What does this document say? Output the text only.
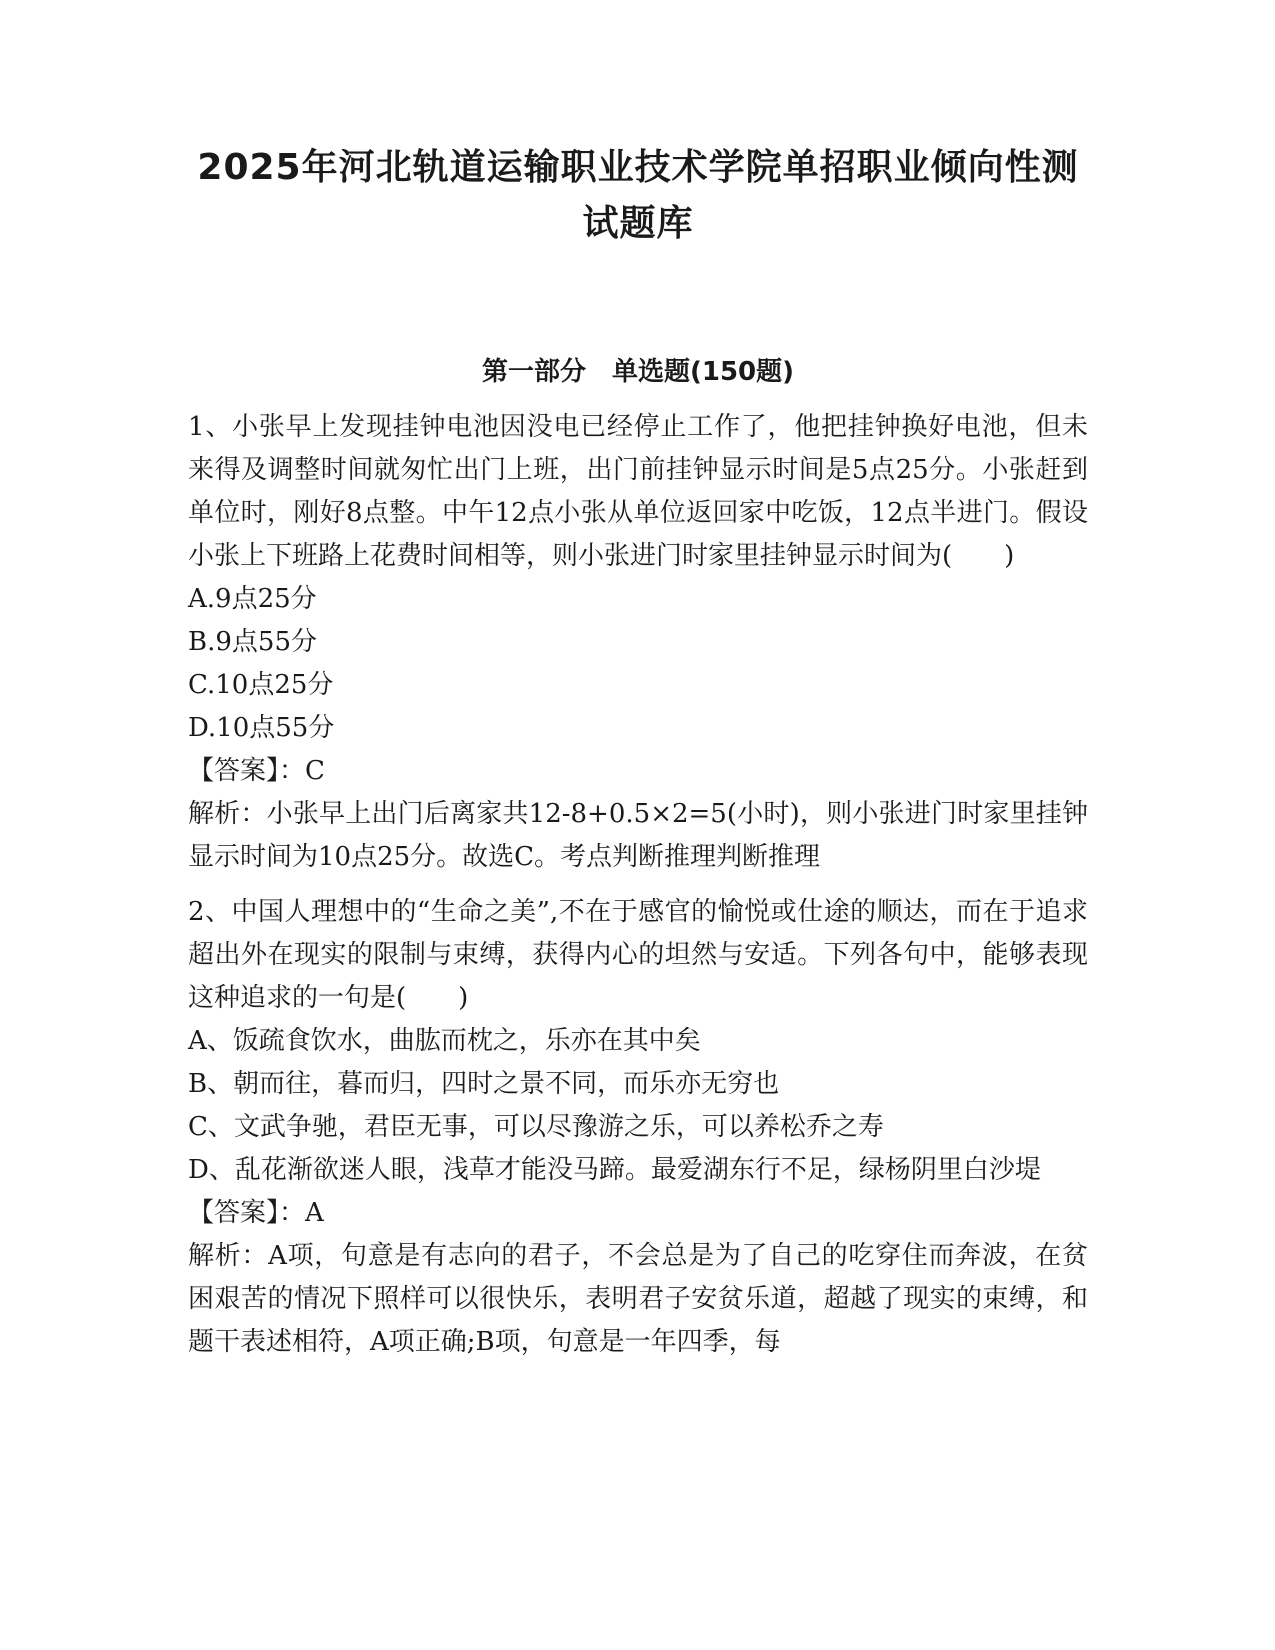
2025年河北轨道运输职业技术学院单招职业倾向性测
试题库
第一部分　单选题(150题)

1、小张早上发现挂钟电池因没电已经停止工作了，他把挂钟换好电池，但未来得及调整时间就匆忙出门上班，出门前挂钟显示时间是5点25分。小张赶到单位时，刚好8点整。中午12点小张从单位返回家中吃饭，12点半进门。假设小张上下班路上花费时间相等，则小张进门时家里挂钟显示时间为(　　)

A.9点25分

B.9点55分

C.10点25分

D.10点55分

【答案】：C

解析：小张早上出门后离家共12-8+0.5×2=5(小时)，则小张进门时家里挂钟显示时间为10点25分。故选C。考点判断推理判断推理

2、中国人理想中的“生命之美”,不在于感官的愉悦或仕途的顺达，而在于追求超出外在现实的限制与束缚，获得内心的坦然与安适。下列各句中，能够表现这种追求的一句是(　　)

A、饭疏食饮水，曲肱而枕之，乐亦在其中矣

B、朝而往，暮而归，四时之景不同，而乐亦无穷也

C、文武争驰，君臣无事，可以尽豫游之乐，可以养松乔之寿

D、乱花渐欲迷人眼，浅草才能没马蹄。最爱湖东行不足，绿杨阴里白沙堤

【答案】：A

解析：A项，句意是有志向的君子，不会总是为了自己的吃穿住而奔波，在贫困艰苦的情况下照样可以很快乐，表明君子安贫乐道，超越了现实的束缚，和题干表述相符，A项正确;B项，句意是一年四季，每
